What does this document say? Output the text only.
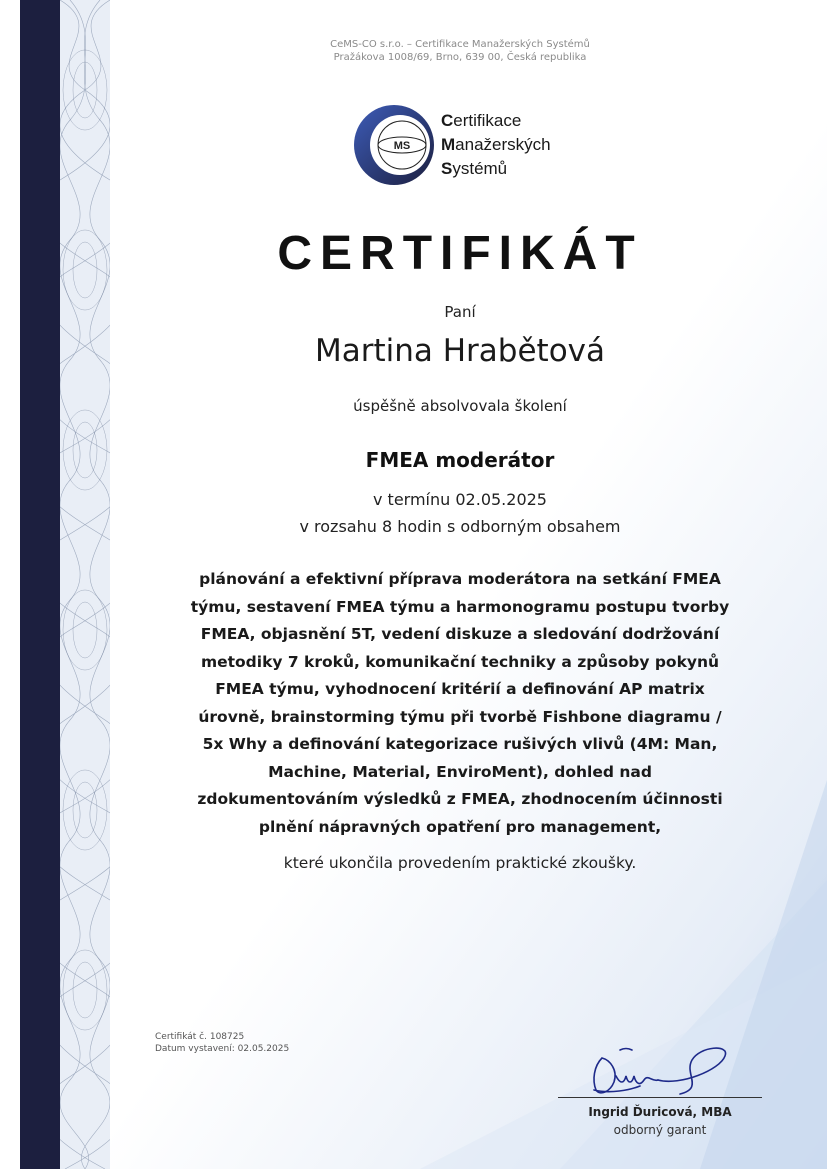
CeMS-CO s.r.o. – Certifikace Manažerských Systémů
Pražákova 1008/69, Brno, 639 00, Česká republika
MS
Certifikace
Manažerských
Systémů
CERTIFIKÁT
Paní
Martina Hrabětová
úspěšně absolvovala školení
FMEA moderátor
v termínu 02.05.2025
v rozsahu 8 hodin s odborným obsahem
plánování a efektivní příprava moderátora na setkání FMEA
týmu, sestavení FMEA týmu a harmonogramu postupu tvorby
FMEA, objasnění 5T, vedení diskuze a sledování dodržování
metodiky 7 kroků, komunikační techniky a způsoby pokynů
FMEA týmu, vyhodnocení kritérií a definování AP matrix
úrovně, brainstorming týmu při tvorbě Fishbone diagramu /
5x Why a definování kategorizace rušivých vlivů (4M: Man,
Machine, Material, EnviroMent), dohled nad
zdokumentováním výsledků z FMEA, zhodnocením účinnosti
plnění nápravných opatření pro management,
které ukončila provedením praktické zkoušky.
Certifikát č. 108725
Datum vystavení: 02.05.2025
Ingrid Ďuricová, MBA
odborný garant
